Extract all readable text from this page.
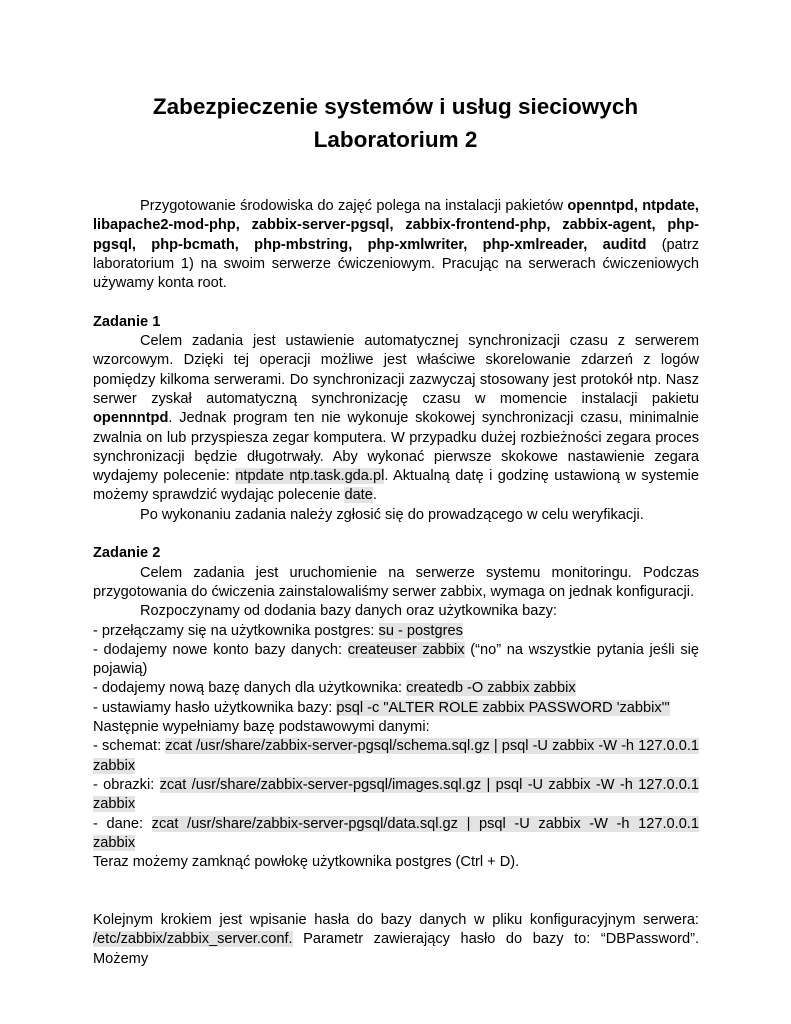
Zabezpieczenie systemów i usług sieciowych
Laboratorium 2

Przygotowanie środowiska do zajęć polega na instalacji pakietów openntpd, ntpdate, libapache2-mod-php, zabbix-server-pgsql, zabbix-frontend-php, zabbix-agent, php-pgsql, php-bcmath, php-mbstring, php-xmlwriter, php-xmlreader, auditd (patrz laboratorium 1) na swoim serwerze ćwiczeniowym. Pracując na serwerach ćwiczeniowych używamy konta root.

Zadanie 1

Celem zadania jest ustawienie automatycznej synchronizacji czasu z serwerem wzorcowym. Dzięki tej operacji możliwe jest właściwe skorelowanie zdarzeń z logów pomiędzy kilkoma serwerami. Do synchronizacji zazwyczaj stosowany jest protokół ntp. Nasz serwer zyskał automatyczną synchronizację czasu w momencie instalacji pakietu opennntpd. Jednak program ten nie wykonuje skokowej synchronizacji czasu, minimalnie zwalnia on lub przyspiesza zegar komputera. W przypadku dużej rozbieżności zegara proces synchronizacji będzie długotrwały. Aby wykonać pierwsze skokowe nastawienie zegara wydajemy polecenie: ntpdate ntp.task.gda.pl. Aktualną datę i godzinę ustawioną w systemie możemy sprawdzić wydając polecenie date.

Po wykonaniu zadania należy zgłosić się do prowadzącego w celu weryfikacji.

Zadanie 2

Celem zadania jest uruchomienie na serwerze systemu monitoringu. Podczas przygotowania do ćwiczenia zainstalowaliśmy serwer zabbix, wymaga on jednak konfiguracji.

Rozpoczynamy od dodania bazy danych oraz użytkownika bazy:

- przełączamy się na użytkownika postgres: su - postgres

- dodajemy nowe konto bazy danych: createuser zabbix (“no” na wszystkie pytania jeśli się pojawią)

- dodajemy nową bazę danych dla użytkownika: createdb -O zabbix zabbix

- ustawiamy hasło użytkownika bazy: psql -c "ALTER ROLE zabbix PASSWORD 'zabbix'"

Następnie wypełniamy bazę podstawowymi danymi:

- schemat: zcat /usr/share/zabbix-server-pgsql/schema.sql.gz | psql -U zabbix -W -h 127.0.0.1 zabbix

- obrazki: zcat /usr/share/zabbix-server-pgsql/images.sql.gz | psql -U zabbix -W -h 127.0.0.1 zabbix

- dane: zcat /usr/share/zabbix-server-pgsql/data.sql.gz | psql -U zabbix -W -h 127.0.0.1 zabbix

Teraz możemy zamknąć powłokę użytkownika postgres (Ctrl + D).

Kolejnym krokiem jest wpisanie hasła do bazy danych w pliku konfiguracyjnym serwera: /etc/zabbix/zabbix_server.conf. Parametr zawierający hasło do bazy to: “DBPassword”. Możemy
